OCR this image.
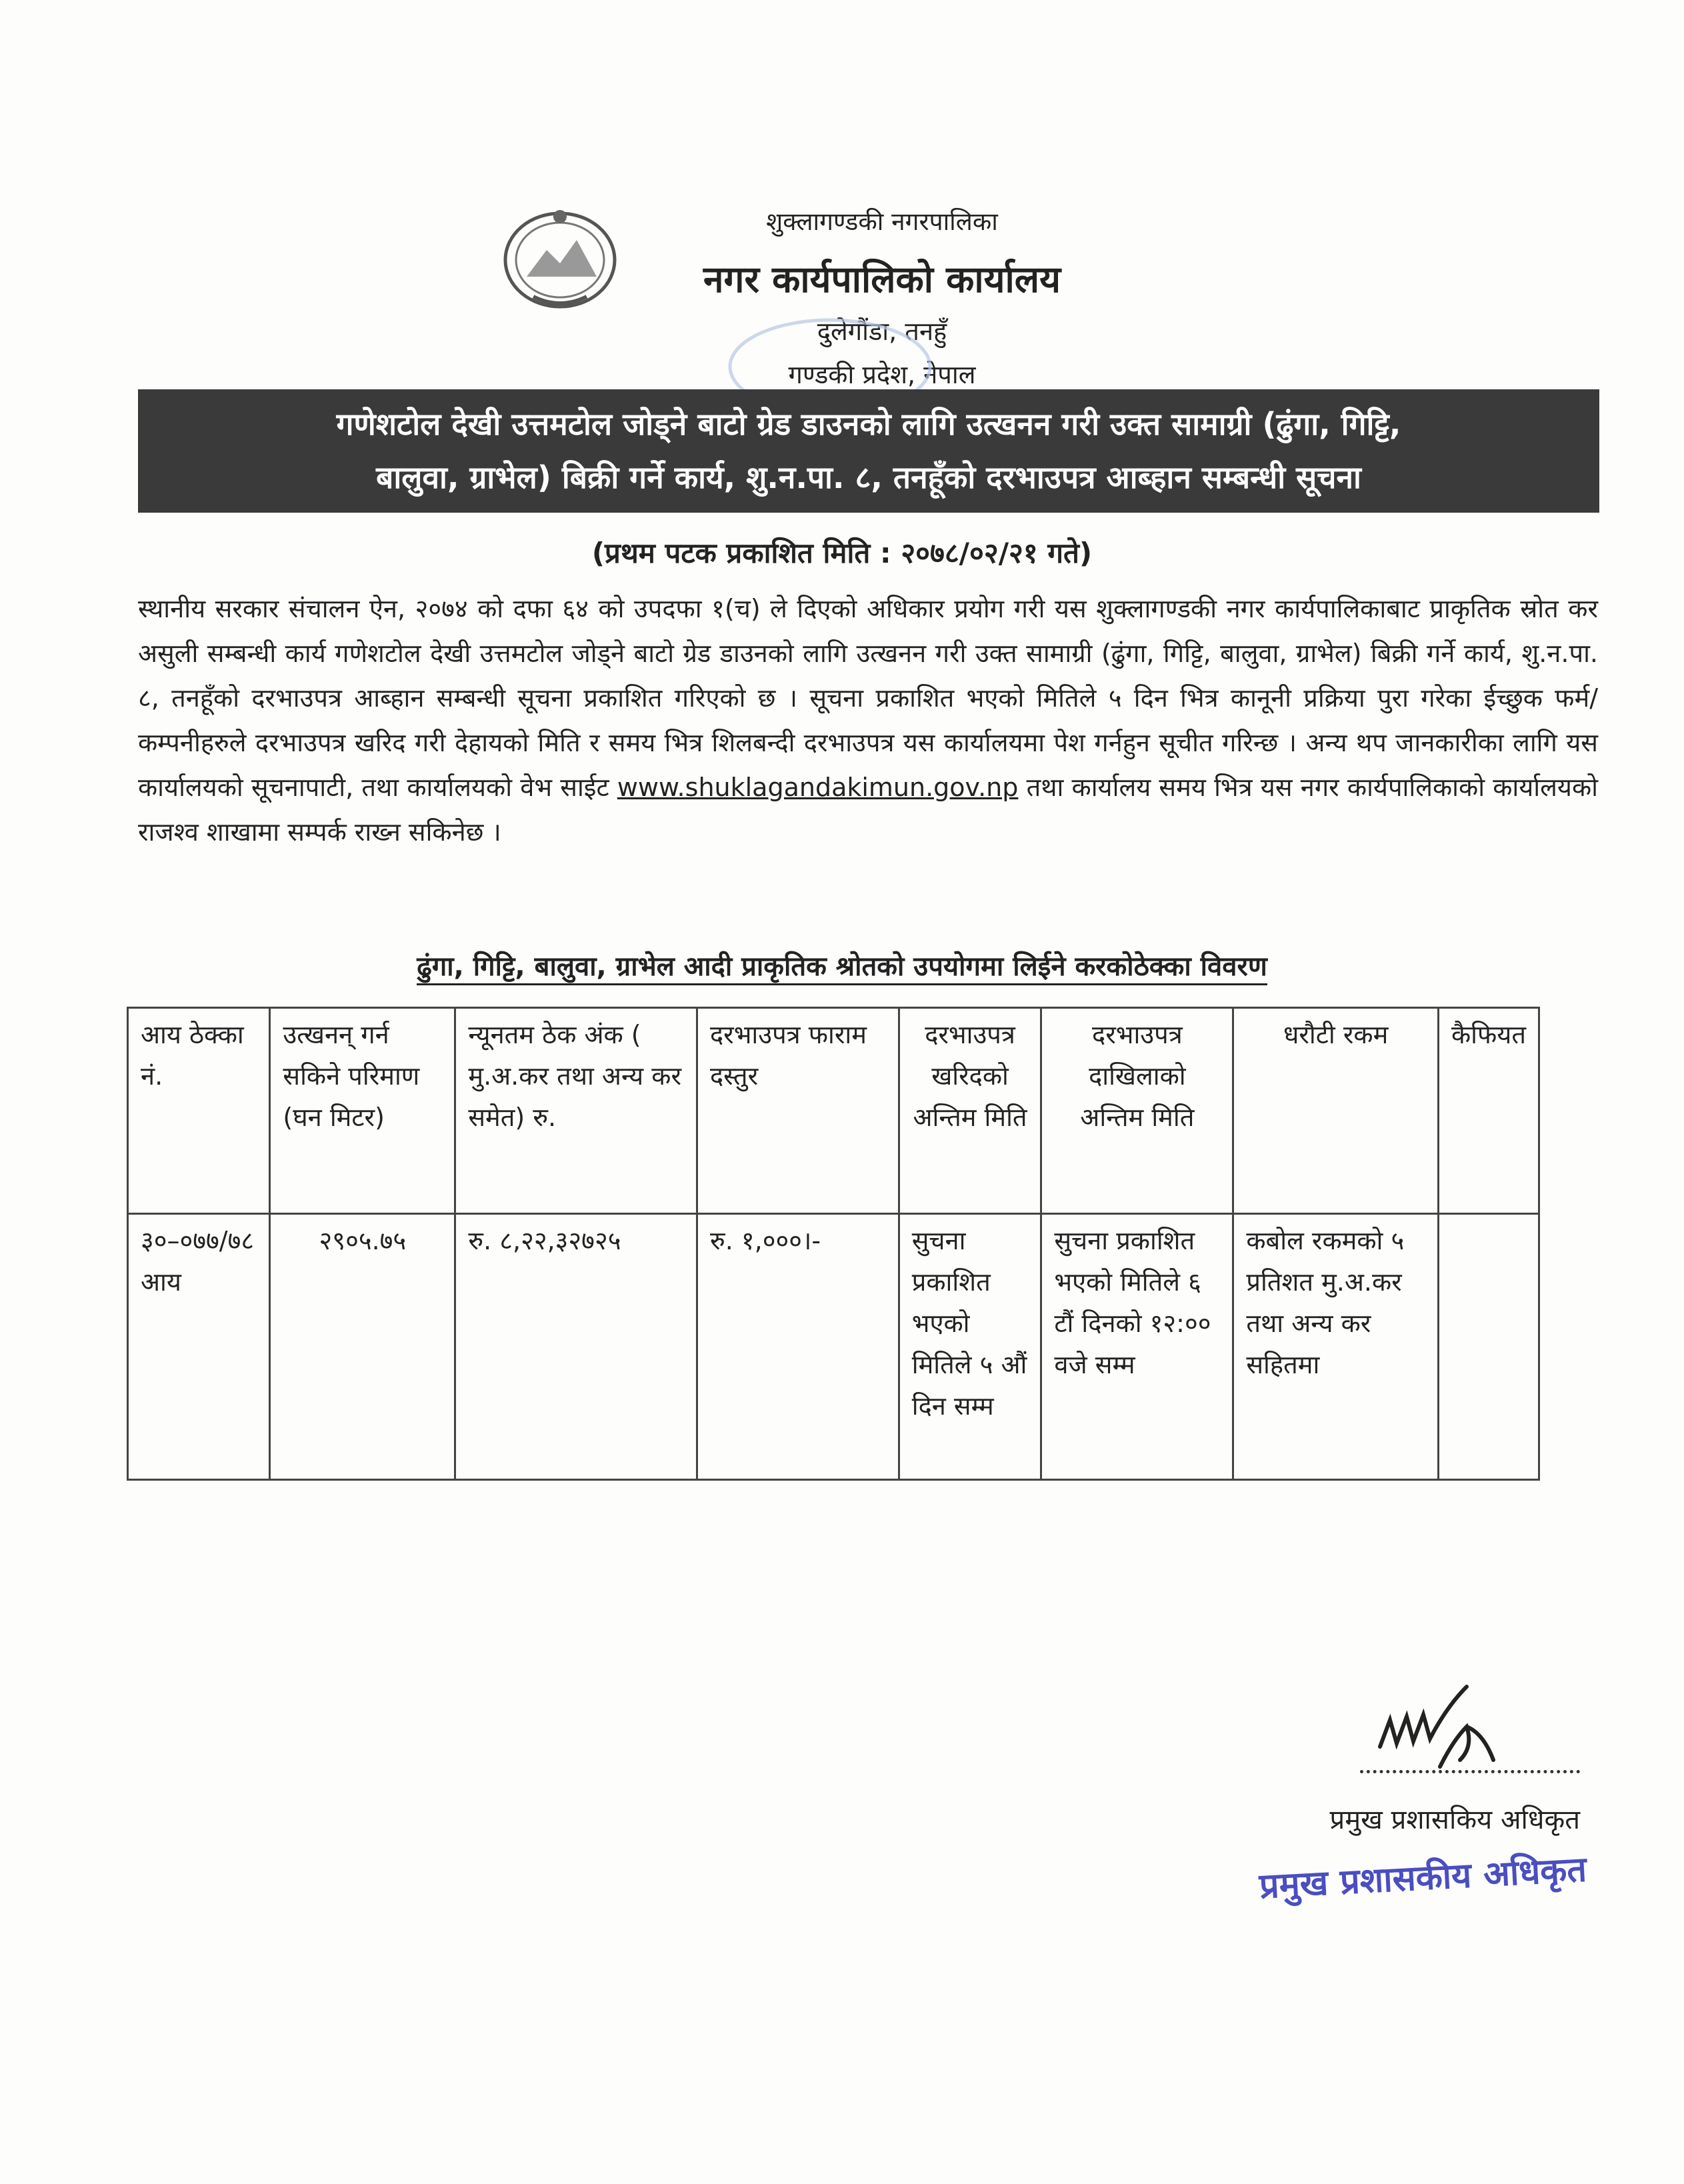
शुक्लागण्डकी नगरपालिका
नगर कार्यपालिको कार्यालय
दुलेगौंडा, तनहुँ
गण्डकी प्रदेश, नेपाल
गणेशटोल देखी उत्तमटोल जोड्ने बाटो ग्रेड डाउनको लागि उत्खनन गरी उक्त सामाग्री (ढुंगा, गिट्टि,
बालुवा, ग्राभेल) बिक्री गर्ने कार्य, शु.न.पा. ८, तनहूँको दरभाउपत्र आब्हान सम्बन्धी सूचना
(प्रथम पटक प्रकाशित मिति : २०७८/०२/२१ गते)
स्थानीय सरकार संचालन ऐन, २०७४ को दफा ६४ को उपदफा १(च) ले दिएको अधिकार प्रयोग गरी यस शुक्लागण्डकी नगर कार्यपालिकाबाट प्राकृतिक स्रोत कर असुली सम्बन्धी कार्य गणेशटोल देखी उत्तमटोल जोड्ने बाटो ग्रेड डाउनको लागि उत्खनन गरी उक्त सामाग्री (ढुंगा, गिट्टि, बालुवा, ग्राभेल) बिक्री गर्ने कार्य, शु.न.पा. ८, तनहूँको दरभाउपत्र आब्हान सम्बन्धी सूचना प्रकाशित गरिएको छ । सूचना प्रकाशित भएको मितिले ५ दिन भित्र कानूनी प्रक्रिया पुरा गरेका ईच्छुक फर्म/कम्पनीहरुले दरभाउपत्र खरिद गरी देहायको मिति र समय भित्र शिलबन्दी दरभाउपत्र यस कार्यालयमा पेश गर्नहुन सूचीत गरिन्छ । अन्य थप जानकारीका लागि यस कार्यालयको सूचनापाटी, तथा कार्यालयको वेभ साईट www.shuklagandakimun.gov.np तथा कार्यालय समय भित्र यस नगर कार्यपालिकाको कार्यालयको राजश्व शाखामा सम्पर्क राख्न सकिनेछ ।
ढुंगा, गिट्टि, बालुवा, ग्राभेल आदी प्राकृतिक श्रोतको उपयोगमा लिईने करकोठेक्का विवरण
आय ठेक्का नं.	उत्खनन् गर्न सकिने परिमाण (घन मिटर)	न्यूनतम ठेक अंक ( मु.अ.कर तथा अन्य कर समेत) रु.	दरभाउपत्र फाराम दस्तुर	दरभाउपत्र खरिदको अन्तिम मिति	दरभाउपत्र दाखिलाको अन्तिम मिति	धरौटी रकम	कैफियत
३०–०७७/७८ आय	२९०५.७५	रु. ८,२२,३२७२५	रु. १,०००।-	सुचना प्रकाशित भएको मितिले ५ औं दिन सम्म	सुचना प्रकाशित भएको मितिले ६ टौं दिनको १२:०० वजे सम्म	कबोल रकमको ५ प्रतिशत मु.अ.कर तथा अन्य कर सहितमा	
प्रमुख प्रशासकिय अधिकृत
प्रमुख प्रशासकीय अधिकृत
